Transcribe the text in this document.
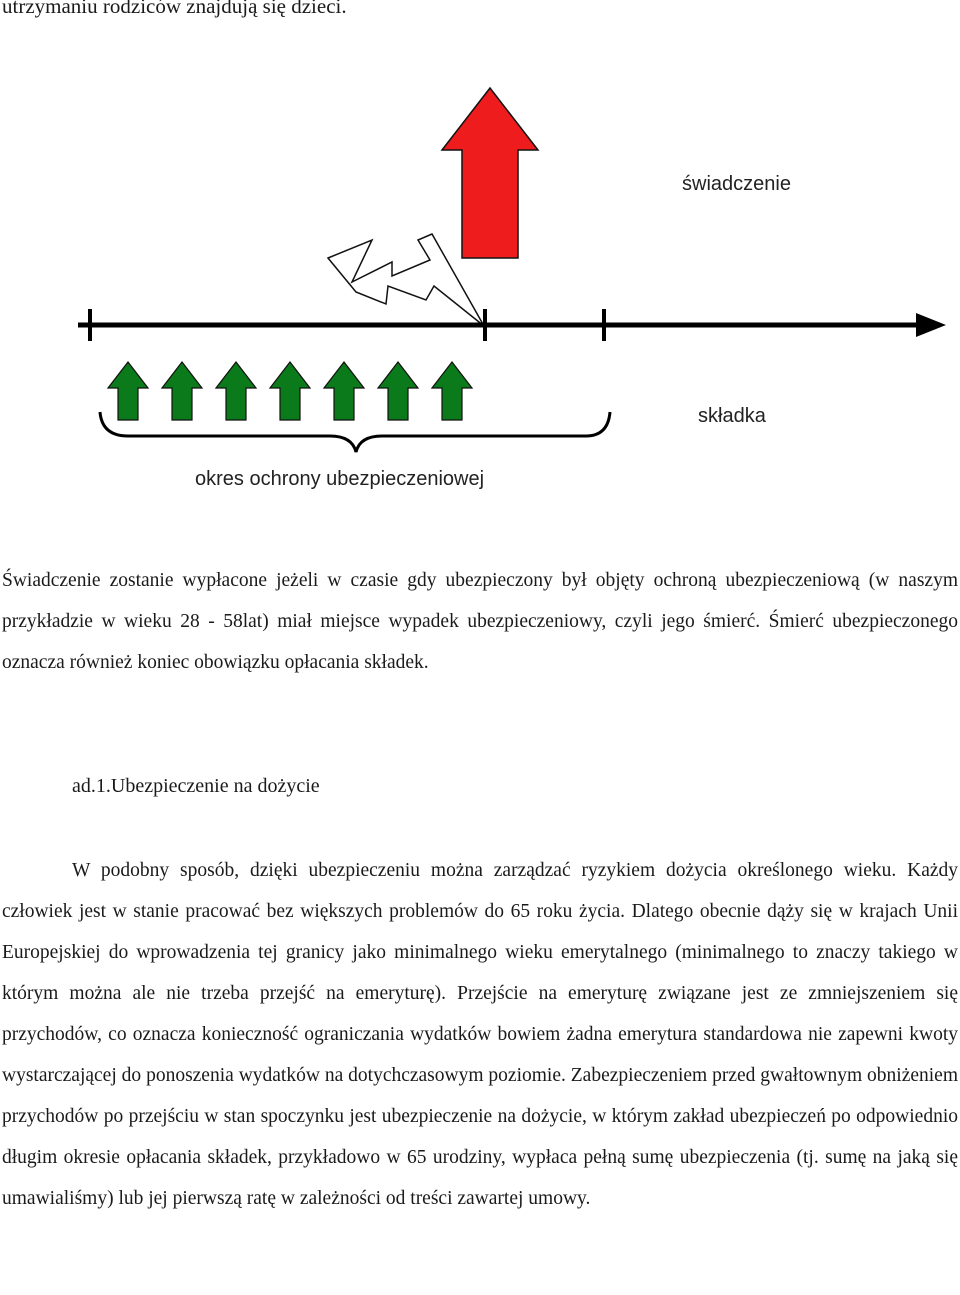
utrzymaniu rodziców znajdują się dzieci.
świadczenie
składka
okres ochrony ubezpieczeniowej
Świadczenie zostanie wypłacone jeżeli w czasie gdy ubezpieczony był objęty ochroną ubezpieczeniową (w naszym przykładzie w wieku 28 - 58lat) miał miejsce wypadek ubezpieczeniowy, czyli jego śmierć. Śmierć ubezpieczonego oznacza również koniec obowiązku opłacania składek.
ad.1.Ubezpieczenie na dożycie
W podobny sposób, dzięki ubezpieczeniu można zarządzać ryzykiem dożycia określonego wieku. Każdy człowiek jest w stanie pracować bez większych problemów do 65 roku życia. Dlatego obecnie dąży się w krajach Unii Europejskiej do wprowadzenia tej granicy jako minimalnego wieku emerytalnego (minimalnego to znaczy takiego w którym można ale nie trzeba przejść na emeryturę). Przejście na emeryturę związane jest ze zmniejszeniem się przychodów, co oznacza konieczność ograniczania wydatków bowiem żadna emerytura standardowa nie zapewni kwoty wystarczającej do ponoszenia wydatków na dotychczasowym poziomie. Zabezpieczeniem przed gwałtownym obniżeniem przychodów po przejściu w stan spoczynku jest ubezpieczenie na dożycie, w którym zakład ubezpieczeń po odpowiednio długim okresie opłacania składek, przykładowo w 65 urodziny, wypłaca pełną sumę ubezpieczenia (tj. sumę na jaką się umawialiśmy) lub jej pierwszą ratę w zależności od treści zawartej umowy.
